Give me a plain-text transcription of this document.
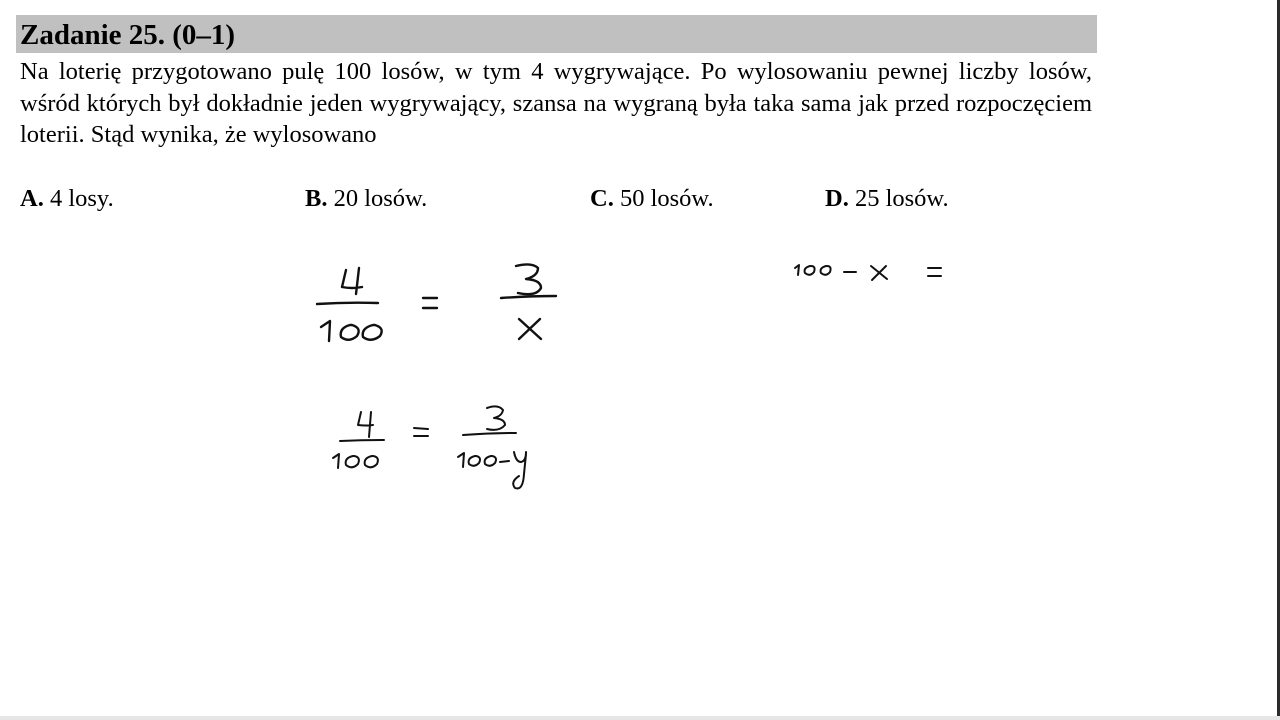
Zadanie 25. (0–1)
Na loterię przygotowano pulę 100 losów, w tym 4 wygrywające. Po wylosowaniu pewnej liczby losów, wśród których był dokładnie jeden wygrywający, szansa na wygraną była taka sama jak przed rozpoczęciem loterii. Stąd wynika, że wylosowano
A. 4 losy.	B. 20 losów.	C. 50 losów.	D. 25 losów.
